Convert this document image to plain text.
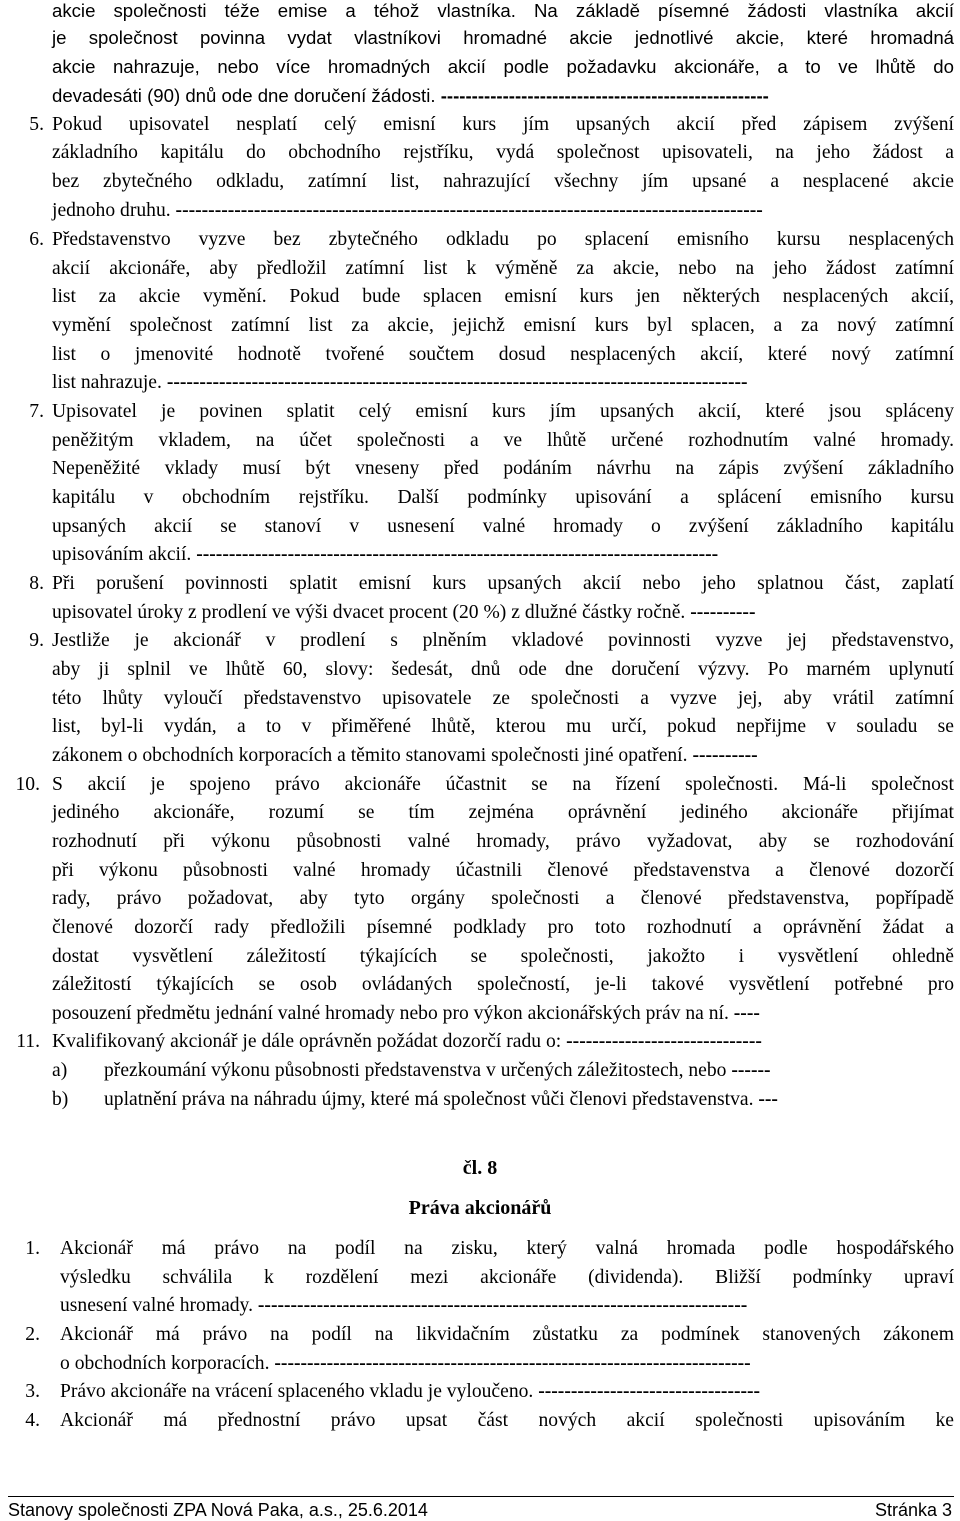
akcie společnosti téže emise a téhož vlastníka. Na základě písemné žádosti vlastníka akcií
je společnost povinna vydat vlastníkovi hromadné akcie jednotlivé akcie, které hromadná
akcie nahrazuje, nebo více hromadných akcií podle požadavku akcionáře, a to ve lhůtě do
devadesáti (90) dnů ode dne doručení žádosti. -----------------------------------------------------
5. Pokud upisovatel nesplatí celý emisní kurs jím upsaných akcií před zápisem zvýšení
základního kapitálu do obchodního rejstříku, vydá společnost upisovateli, na jeho žádost a
bez zbytečného odkladu, zatímní list, nahrazující všechny jím upsané a nesplacené akcie
jednoho druhu. ------------------------------------------------------------------------------------------
6. Představenstvo vyzve bez zbytečného odkladu po splacení emisního kursu nesplacených
akcií akcionáře, aby předložil zatímní list k výměně za akcie, nebo na jeho žádost zatímní
list za akcie vymění. Pokud bude splacen emisní kurs jen některých nesplacených akcií,
vymění společnost zatímní list za akcie, jejichž emisní kurs byl splacen, a za nový zatímní
list o jmenovité hodnotě tvořené součtem dosud nesplacených akcií, které nový zatímní
list nahrazuje. -----------------------------------------------------------------------------------------
7. Upisovatel je povinen splatit celý emisní kurs jím upsaných akcií, které jsou spláceny
peněžitým vkladem, na účet společnosti a ve lhůtě určené rozhodnutím valné hromady.
Nepeněžité vklady musí být vneseny před podáním návrhu na zápis zvýšení základního
kapitálu v obchodním rejstříku. Další podmínky upisování a splácení emisního kursu
upsaných akcií se stanoví v usnesení valné hromady o zvýšení základního kapitálu
upisováním akcií. --------------------------------------------------------------------------------
8. Při porušení povinnosti splatit emisní kurs upsaných akcií nebo jeho splatnou část, zaplatí
upisovatel úroky z prodlení ve výši dvacet procent (20 %) z dlužné částky ročně. ----------
9. Jestliže je akcionář v prodlení s plněním vkladové povinnosti vyzve jej představenstvo,
aby ji splnil ve lhůtě 60, slovy: šedesát, dnů ode dne doručení výzvy. Po marném uplynutí
této lhůty vyloučí představenstvo upisovatele ze společnosti a vyzve jej, aby vrátil zatímní
list, byl-li vydán, a to v přiměřené lhůtě, kterou mu určí, pokud nepřijme v souladu se
zákonem o obchodních korporacích a těmito stanovami společnosti jiné opatření. ----------
10. S akcií je spojeno právo akcionáře účastnit se na řízení společnosti. Má-li společnost
jediného akcionáře, rozumí se tím zejména oprávnění jediného akcionáře přijímat
rozhodnutí při výkonu působnosti valné hromady, právo vyžadovat, aby se rozhodování
při výkonu působnosti valné hromady účastnili členové představenstva a členové dozorčí
rady, právo požadovat, aby tyto orgány společnosti a členové představenstva, popřípadě
členové dozorčí rady předložili písemné podklady pro toto rozhodnutí a oprávnění žádat a
dostat vysvětlení záležitostí týkajících se společnosti, jakožto i vysvětlení ohledně
záležitostí týkajících se osob ovládaných společností, je-li takové vysvětlení potřebné pro
posouzení předmětu jednání valné hromady nebo pro výkon akcionářských práv na ní. ----
11. Kvalifikovaný akcionář je dále oprávněn požádat dozorčí radu o: ------------------------------
a) přezkoumání výkonu působnosti představenstva v určených záležitostech, nebo ------
b) uplatnění práva na náhradu újmy, které má společnost vůči členovi představenstva. ---
čl. 8
Práva akcionářů
1. Akcionář má právo na podíl na zisku, který valná hromada podle hospodářského
výsledku schválila k rozdělení mezi akcionáře (dividenda). Bližší podmínky upraví
usnesení valné hromady. ---------------------------------------------------------------------------
2. Akcionář má právo na podíl na likvidačním zůstatku za podmínek stanovených zákonem
o obchodních korporacích. -------------------------------------------------------------------------
3. Právo akcionáře na vrácení splaceného vkladu je vyloučeno. ----------------------------------
4. Akcionář má přednostní právo upsat část nových akcií společnosti upisováním ke
Stanovy společnosti ZPA Nová Paka, a.s., 25.6.2014	Stránka 3
